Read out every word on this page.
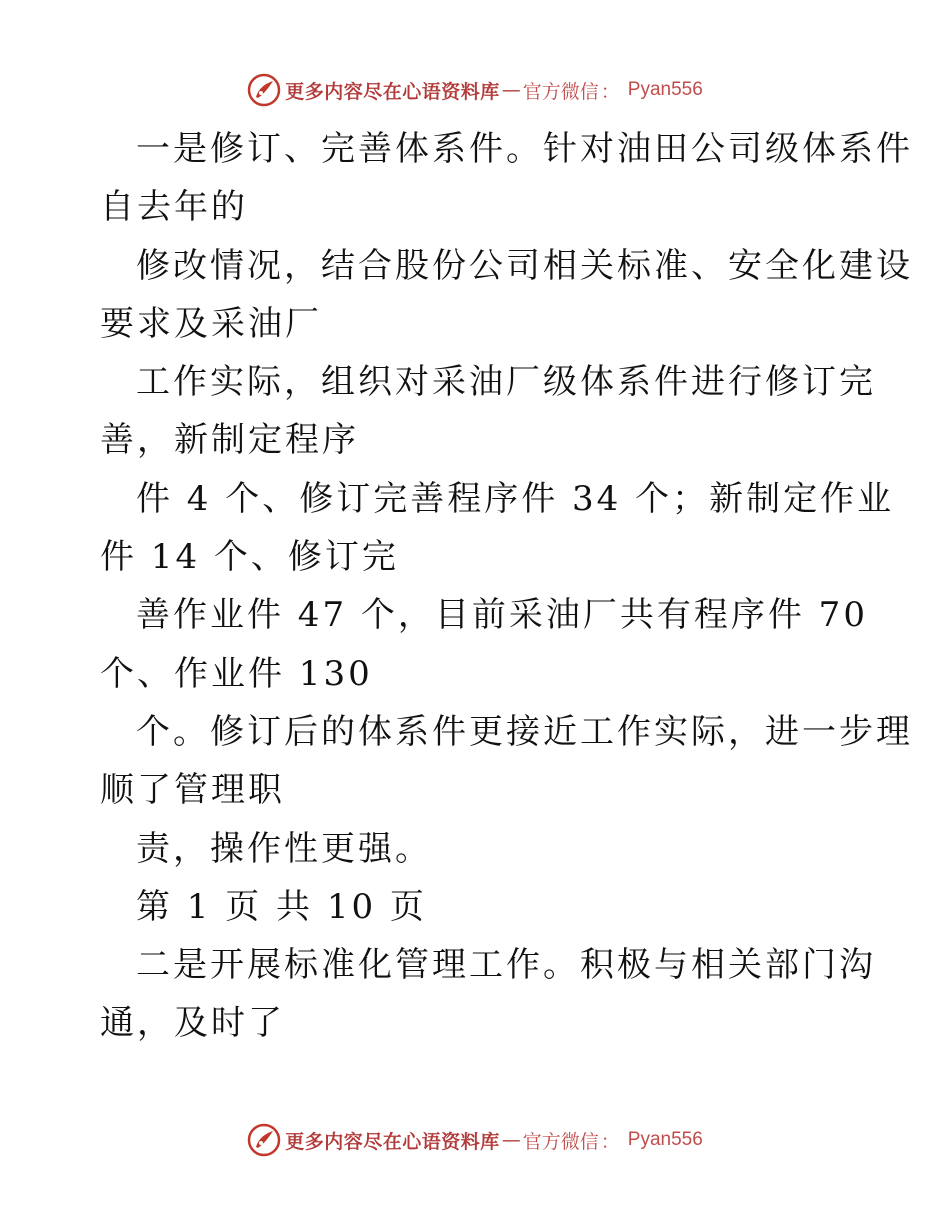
更多内容尽在心语资料库 — 官方微信 ： Pyan556
一是修订、完善体系件。针对油田公司级体系件
自去年的
修改情况，结合股份公司相关标准、安全化建设
要求及采油厂
工作实际，组织对采油厂级体系件进行修订完
善，新制定程序
件 4 个、修订完善程序件 34 个；新制定作业
件 14 个、修订完
善作业件 47 个，目前采油厂共有程序件 70
个、作业件 130
个。修订后的体系件更接近工作实际，进一步理
顺了管理职
责，操作性更强。
第 1 页 共 10 页
二是开展标准化管理工作。积极与相关部门沟
通，及时了
更多内容尽在心语资料库 — 官方微信 ： Pyan556
